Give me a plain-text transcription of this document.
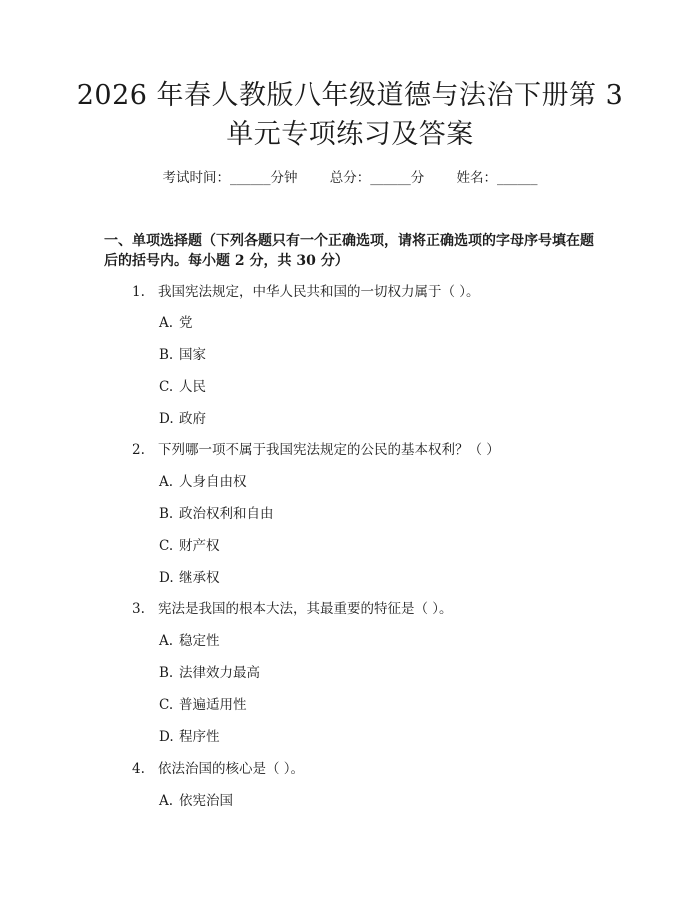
2026 年春人教版八年级道德与法治下册第 3
单元专项练习及答案
考试时间：______分钟 总分：______分 姓名：______
一、单项选择题（下列各题只有一个正确选项，请将正确选项的字母序号填在题后的括号内。每小题 2 分，共 30 分）
1. 我国宪法规定，中华人民共和国的一切权力属于（ ）。
A. 党
B. 国家
C. 人民
D. 政府
2. 下列哪一项不属于我国宪法规定的公民的基本权利？（ ）
A. 人身自由权
B. 政治权利和自由
C. 财产权
D. 继承权
3. 宪法是我国的根本大法，其最重要的特征是（ ）。
A. 稳定性
B. 法律效力最高
C. 普遍适用性
D. 程序性
4. 依法治国的核心是（ ）。
A. 依宪治国
